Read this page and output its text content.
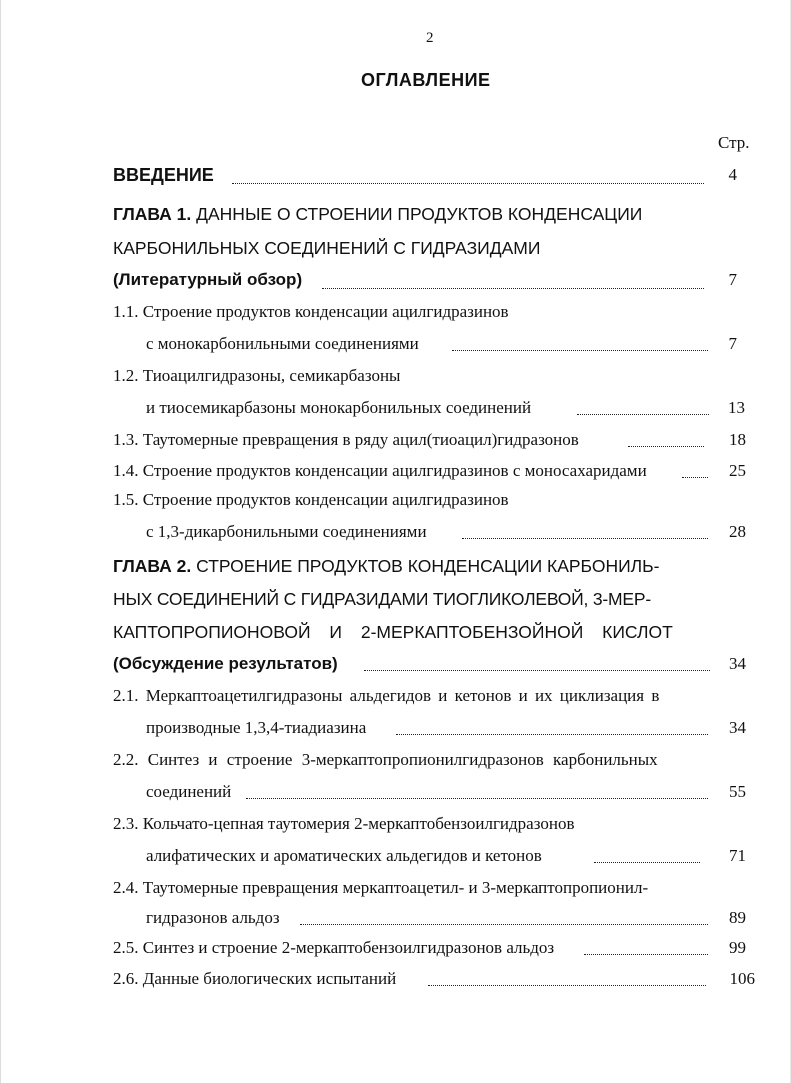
2
ОГЛАВЛЕНИЕ
Стр.
ВВЕДЕНИЕ	4
ГЛАВА 1. ДАННЫЕ О СТРОЕНИИ ПРОДУКТОВ КОНДЕНСАЦИИ
КАРБОНИЛЬНЫХ СОЕДИНЕНИЙ С ГИДРАЗИДАМИ
(Литературный обзор)	7
1.1. Строение продуктов конденсации ацилгидразинов
с монокарбонильными соединениями	7
1.2. Тиоацилгидразоны, семикарбазоны
и тиосемикарбазоны монокарбонильных соединений	13
1.3. Таутомерные превращения в ряду ацил(тиоацил)гидразонов	18
1.4. Строение продуктов конденсации ацилгидразинов с моносахаридами	25
1.5. Строение продуктов конденсации ацилгидразинов
с 1,3-дикарбонильными соединениями	28
ГЛАВА 2. СТРОЕНИЕ ПРОДУКТОВ КОНДЕНСАЦИИ КАРБОНИЛЬ-
НЫХ СОЕДИНЕНИЙ С ГИДРАЗИДАМИ ТИОГЛИКОЛЕВОЙ, 3-МЕР-
КАПТОПРОПИОНОВОЙ И 2-МЕРКАПТОБЕНЗОЙНОЙ КИСЛОТ
(Обсуждение результатов)	34
2.1. Меркаптоацетилгидразоны альдегидов и кетонов и их циклизация в
производные 1,3,4-тиадиазина	34
2.2. Синтез и строение 3-меркаптопропионилгидразонов карбонильных
соединений	55
2.3. Кольчато-цепная таутомерия 2-меркаптобензоилгидразонов
алифатических и ароматических альдегидов и кетонов	71
2.4. Таутомерные превращения меркаптоацетил- и 3-меркаптопропионил-
гидразонов альдоз	89
2.5. Синтез и строение 2-меркаптобензоилгидразонов альдоз	99
2.6. Данные биологических испытаний	106
